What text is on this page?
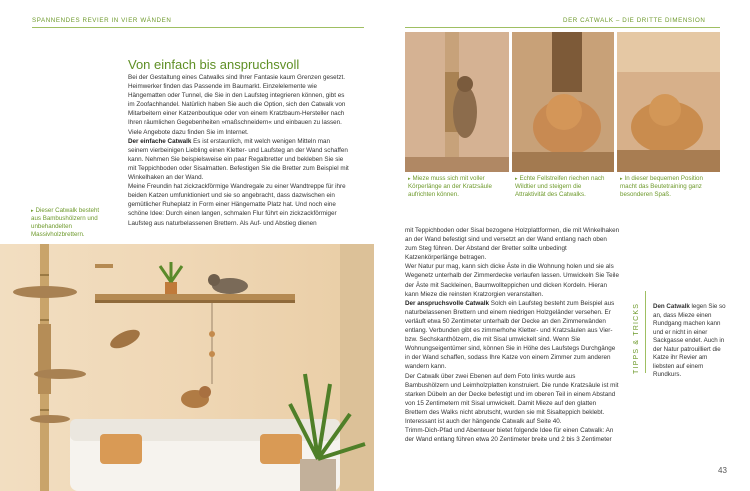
SPANNENDES REVIER IN VIER WÄNDEN	DER CATWALK – DIE DRITTE DIMENSION
Von einfach bis anspruchsvoll

Bei der Gestaltung eines Catwalks sind Ihrer Fantasie kaum Grenzen gesetzt. Heimwerker finden das Passende im Baumarkt. Einzelelemente wie Hängematten oder Tunnel, die Sie in den Laufsteg integrieren können, gibt es im Zoofachhandel. Natürlich haben Sie auch die Option, sich den Catwalk von Mitarbeitern einer Katzenboutique oder von einem Kratzbaum-Hersteller nach Ihren räumlichen Gegebenheiten »maßschneidern« und einbauen zu lassen. Viele Angebote dazu finden Sie im Internet.

Der einfache Catwalk Es ist erstaunlich, mit welch wenigen Mitteln man seinem vierbeinigen Liebling einen Kletter- und Laufsteg an der Wand schaffen kann. Nehmen Sie beispielsweise ein paar Regalbretter und bekleben Sie sie mit Teppichboden oder Sisalmatten. Befestigen Sie die Bretter zum Beispiel mit Winkelhaken an der Wand.

Meine Freundin hat zickzackförmige Wandregale zu einer Wandtreppe für ihre beiden Katzen umfunktioniert und sie so angebracht, dass dazwischen ein gemütlicher Ruheplatz in Form einer Hängematte Platz hat. Und noch eine schöne Idee: Durch einen langen, schmalen Flur führt ein zickzackförmiger Laufsteg aus naturbelassenen Brettern. Als Auf- und Abstieg dienen

▸ Dieser Catwalk besteht aus Bambushölzern und unbehandelten Massivholzbrettern.

mit Teppichboden oder Sisal bezogene Holzplattformen, die mit Winkelhaken an der Wand befestigt sind und versetzt an der Wand entlang nach oben zum Steg führen. Der Abstand der Bretter sollte unbedingt Katzenkörperlänge betragen.

Wer Natur pur mag, kann sich dicke Äste in die Wohnung holen und sie als Wegenetz unterhalb der Zimmerdecke verlaufen lassen. Umwickeln Sie Teile der Äste mit Sackleinen, Baumwollteppichen und dicken Kordeln. Hieran kann Mieze die reinsten Kratzorgien veranstalten.

Der anspruchsvolle Catwalk Solch ein Laufsteg besteht zum Beispiel aus naturbelassenen Brettern und einem niedrigen Holzgeländer versehen. Er verläuft etwa 50 Zentimeter unterhalb der Decke an den Zimmerwänden entlang. Verbunden gibt es zimmerhohe Kletter- und Kratzsäulen aus Vier- bzw. Sechskanthölzern, die mit Sisal umwickelt sind. Wenn Sie Wohnungseigentümer sind, können Sie in Höhe des Laufstegs Durchgänge in der Wand schaffen, sodass Ihre Katze von einem Zimmer zum anderen wandern kann.

Der Catwalk über zwei Ebenen auf dem Foto links wurde aus Bambushölzern und Leimholzplatten konstruiert. Die runde Kratzsäule ist mit starken Dübeln an der Decke befestigt und im oberen Teil in einem Abstand von 15 Zentimetern mit Sisal umwickelt. Damit Mieze auf den glatten Brettern des Walks nicht abrutscht, wurden sie mit Sisalteppich beklebt. Interessant ist auch der hängende Catwalk auf Seite 40.

Trimm-Dich-Pfad und Abenteuer bietet folgende Idee für einen Catwalk: An der Wand entlang führen etwa 20 Zentimeter breite und 2 bis 3 Zentimeter

▸ Mieze muss sich mit voller Körperlänge an der Kratzsäule aufrichten können.
▸ Echte Fellstreifen riechen nach Wildtier und steigern die Attraktivität des Catwalks.
▸ In dieser bequemen Position macht das Beutetraining ganz besonderen Spaß.
TIPPS & TRICKS Den Catwalk legen Sie so an, dass Mieze einen Rundgang machen kann und er nicht in einer Sackgasse endet. Auch in der Natur patrouilliert die Katze ihr Revier am liebsten auf einem Rundkurs.
43
